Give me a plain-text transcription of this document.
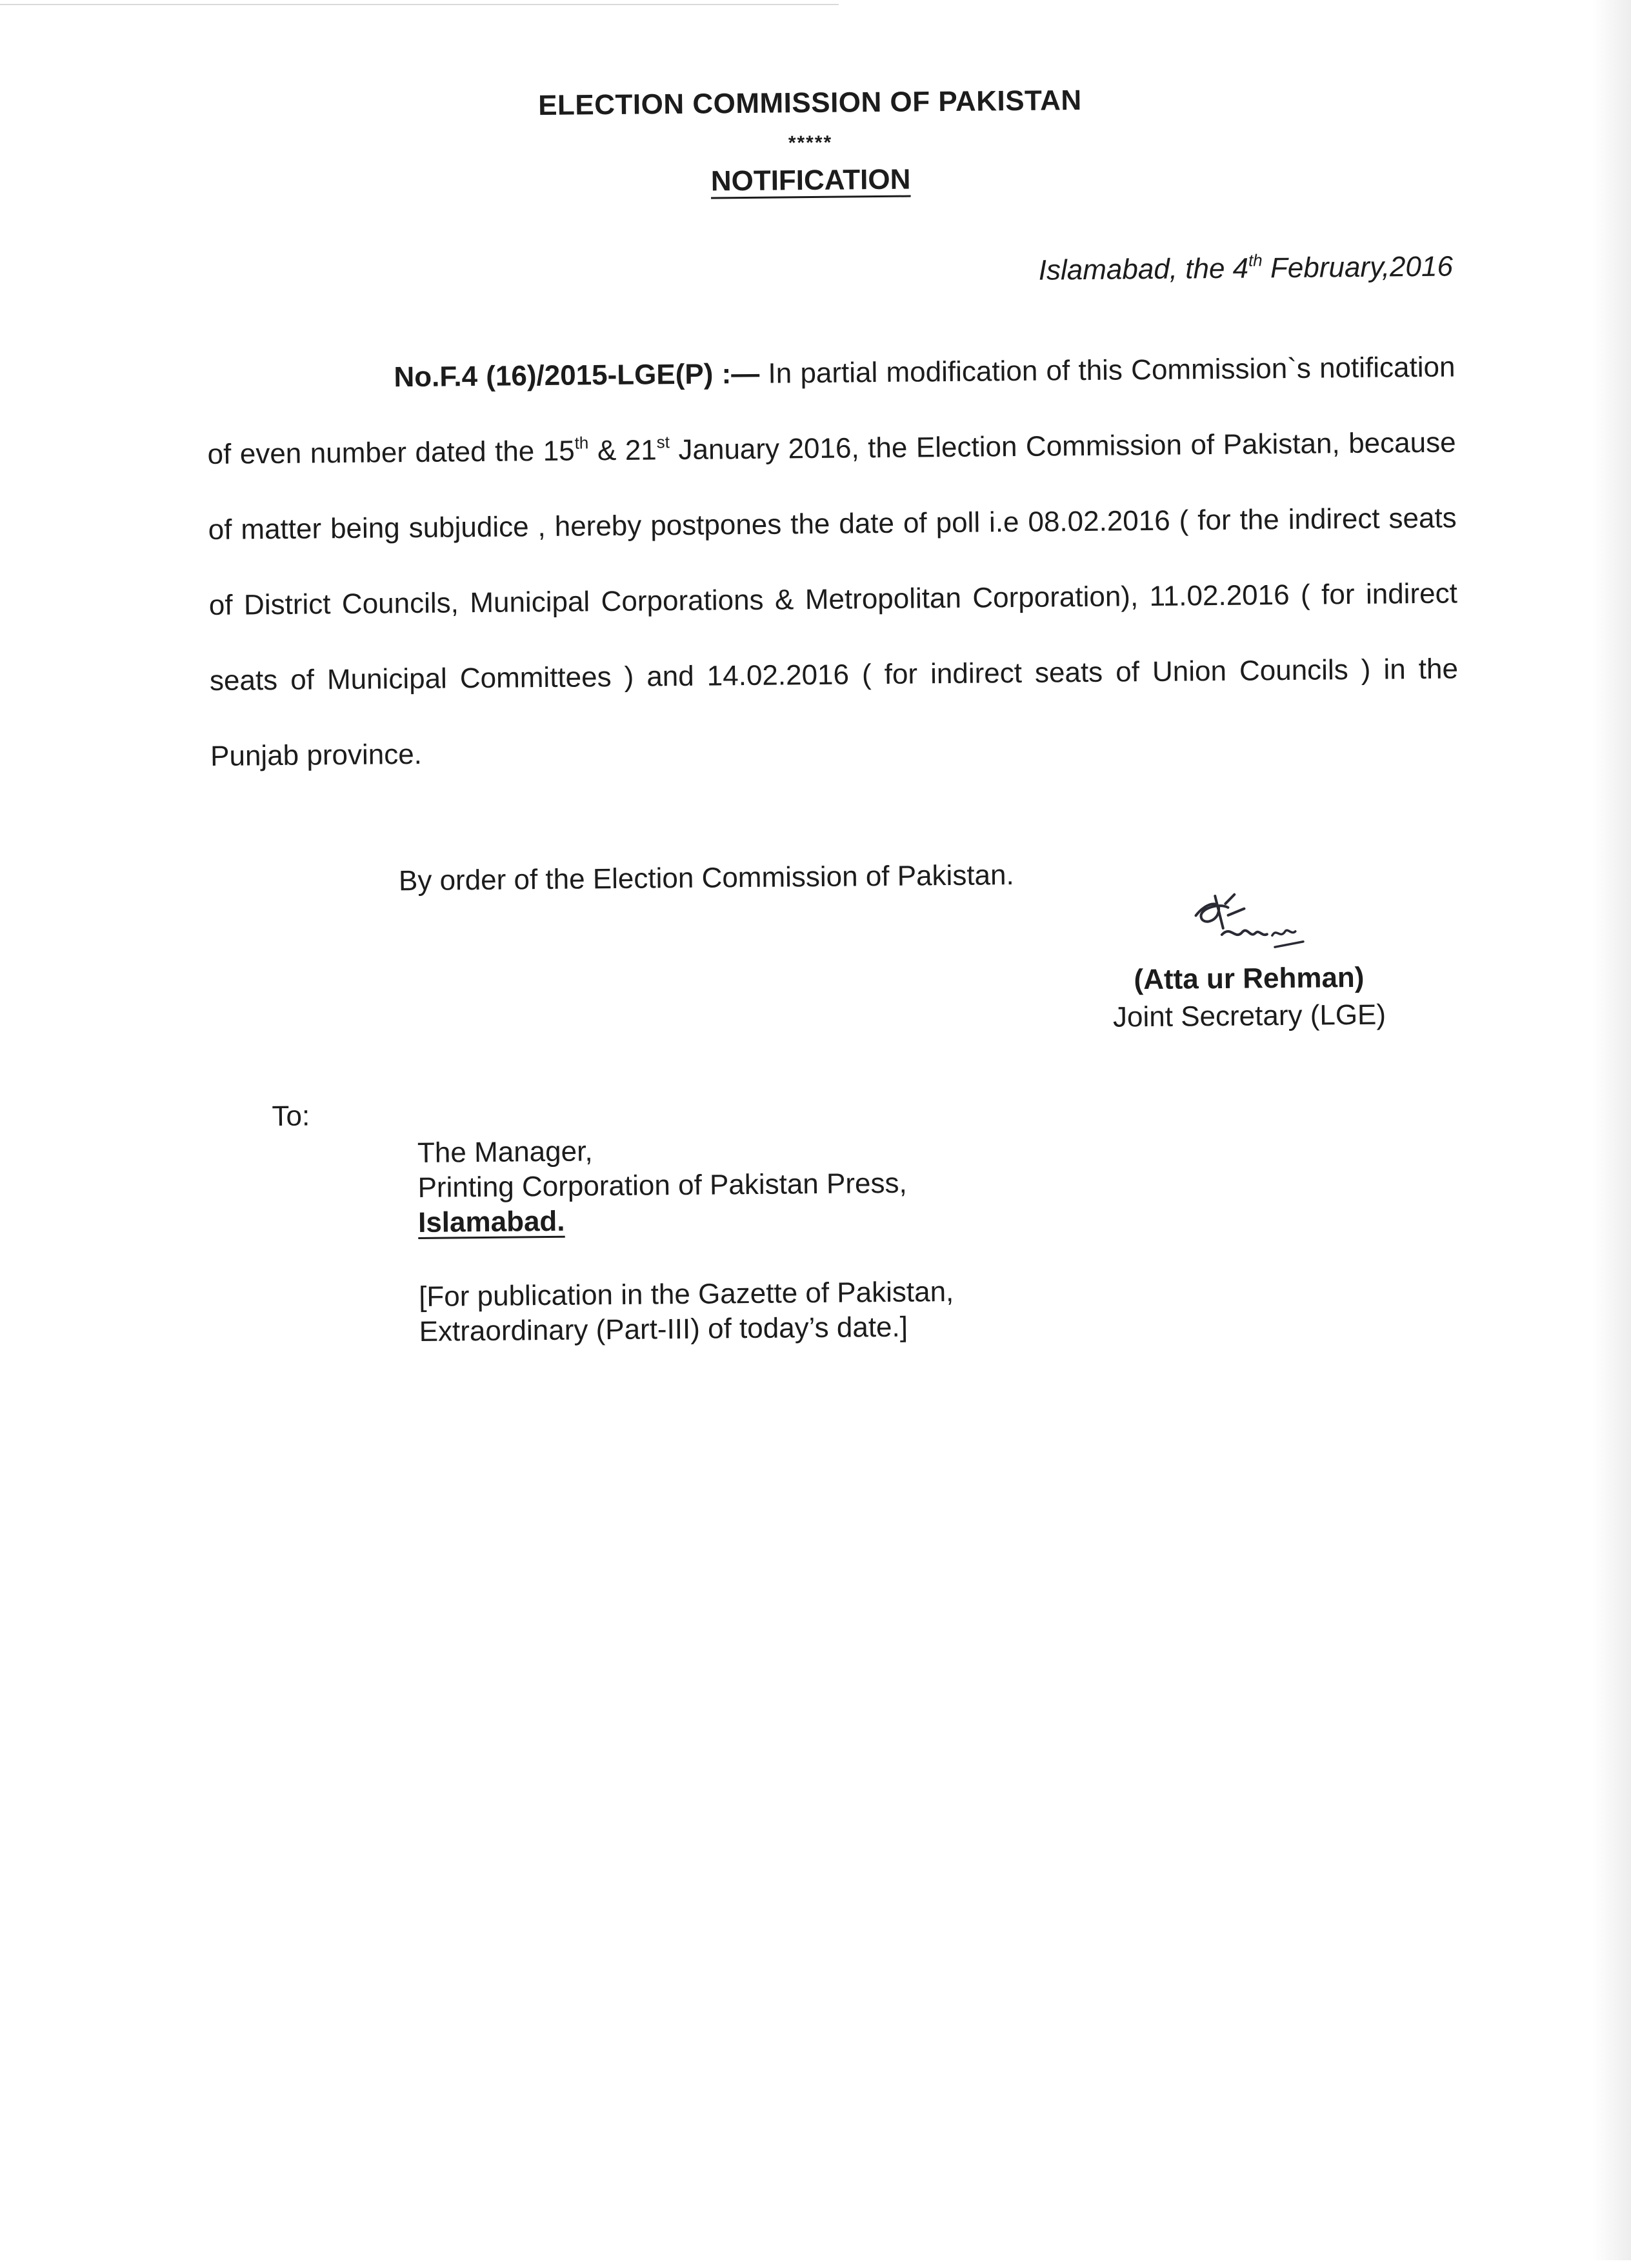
ELECTION COMMISSION OF PAKISTAN
*****
NOTIFICATION
Islamabad, the 4th February,2016
No.F.4 (16)/2015-LGE(P) :— In partial modification of this Commission`s notification of even number dated the 15th & 21st January 2016, the Election Commission of Pakistan, because of matter being subjudice , hereby postpones the date of poll i.e 08.02.2016 ( for the indirect seats of District Councils, Municipal Corporations & Metropolitan Corporation), 11.02.2016 ( for indirect seats of Municipal Committees ) and 14.02.2016 ( for indirect seats of Union Councils ) in the Punjab province.
By order of the Election Commission of Pakistan.
(Atta ur Rehman)
Joint Secretary (LGE)
To:
The Manager,
Printing Corporation of Pakistan Press,
Islamabad.
[For publication in the Gazette of Pakistan,
Extraordinary (Part-III) of today’s date.]
